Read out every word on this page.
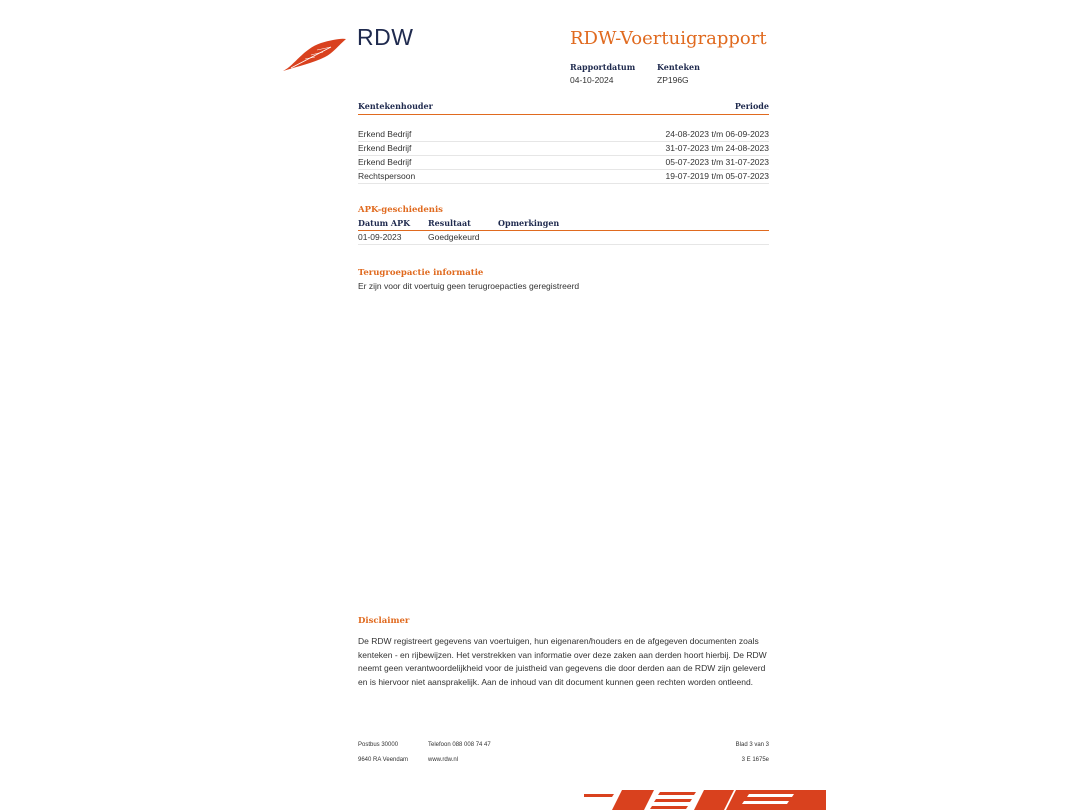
RDW	RDW-Voertuigrapport
Rapportdatum
04-10-2024
Kenteken
ZP196G
Kentekenhouder	Periode
Erkend Bedrijf	24-08-2023 t/m 06-09-2023
Erkend Bedrijf	31-07-2023 t/m 24-08-2023
Erkend Bedrijf	05-07-2023 t/m 31-07-2023
Rechtspersoon	19-07-2019 t/m 05-07-2023
APK-geschiedenis
Datum APK	Resultaat	Opmerkingen
01-09-2023	Goedgekeurd
Terugroepactie informatie
Er zijn voor dit voertuig geen terugroepacties geregistreerd
Disclaimer
De RDW registreert gegevens van voertuigen, hun eigenaren/houders en de afgegeven documenten zoals kenteken - en rijbewijzen. Het verstrekken van informatie over deze zaken aan derden hoort hierbij. De RDW neemt geen verantwoordelijkheid voor de juistheid van gegevens die door derden aan de RDW zijn geleverd en is hiervoor niet aansprakelijk. Aan de inhoud van dit document kunnen geen rechten worden ontleend.
Postbus 30000
9640 RA Veendam
Telefoon 088 008 74 47
www.rdw.nl
Blad 3 van 3
3 E 1675e
